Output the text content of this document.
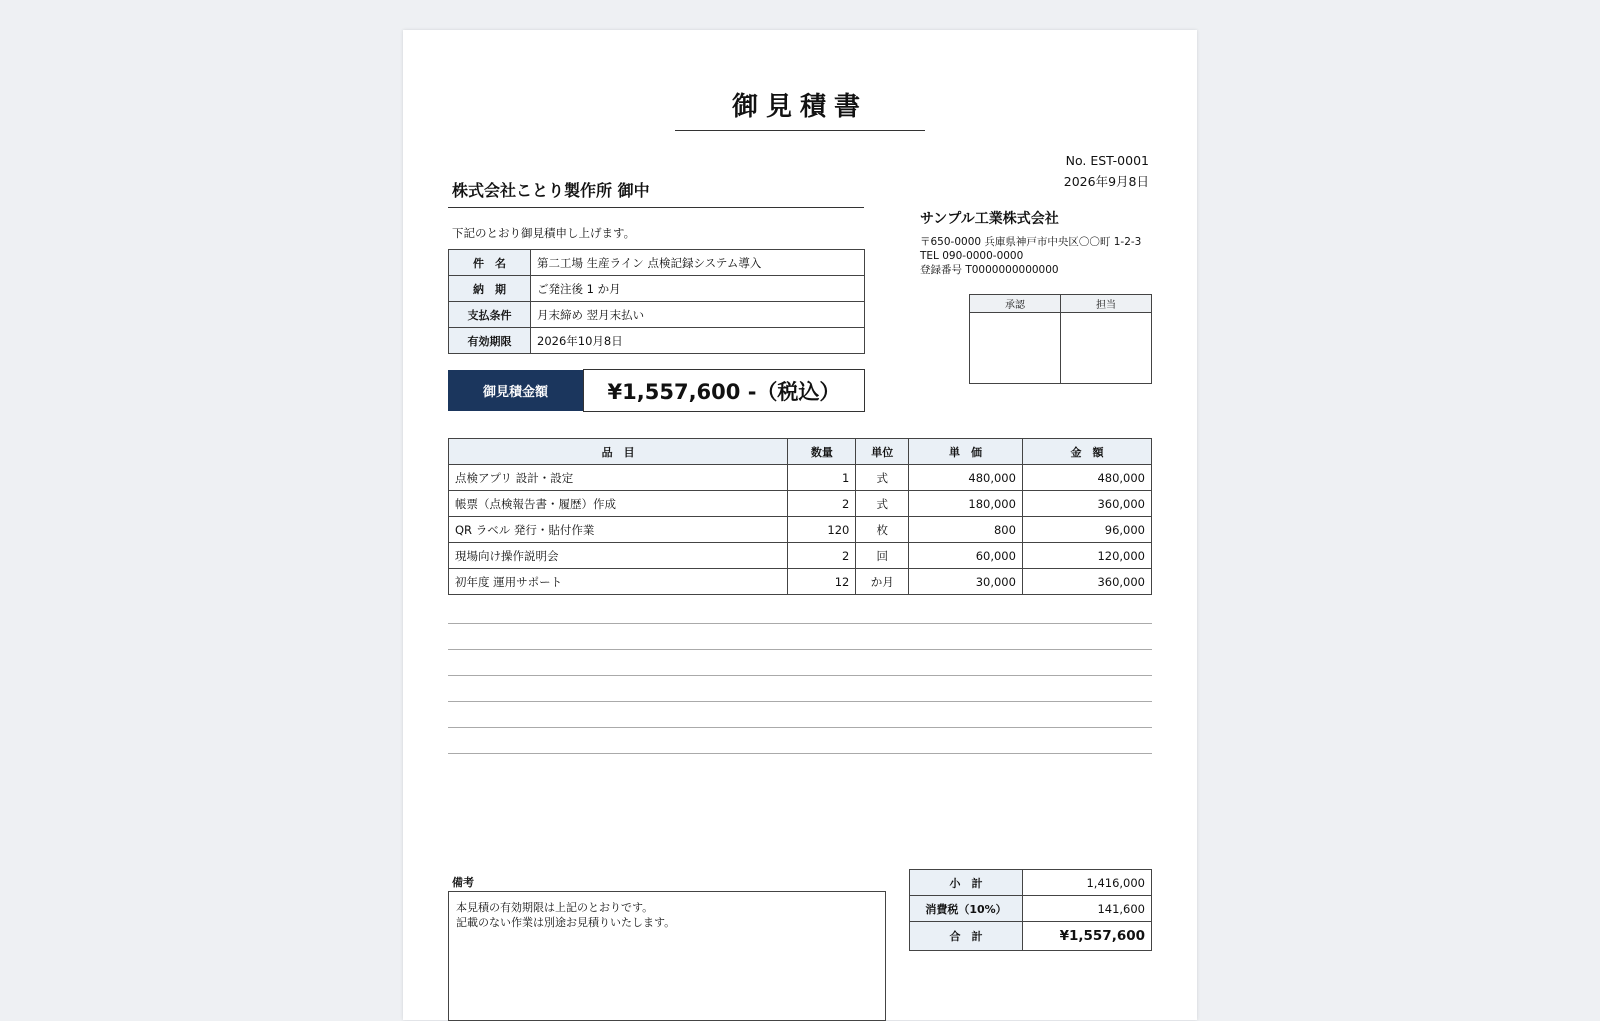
御見積書
No. EST-0001
2026年9月8日
株式会社ことり製作所 御中
下記のとおり御見積申し上げます。
件　名	第二工場 生産ライン 点検記録システム導入
納　期	ご発注後 1 か月
支払条件	月末締め 翌月末払い
有効期限	2026年10月8日
サンプル工業株式会社
〒650-0000 兵庫県神戸市中央区〇〇町 1-2-3
TEL 090-0000-0000
登録番号 T0000000000000
承認	担当

御見積金額	¥1,557,600 -（税込）
品　目	数量	単位	単　価	金　額
点検アプリ 設計・設定	1	式	480,000	480,000
帳票（点検報告書・履歴）作成	2	式	180,000	360,000
QR ラベル 発行・貼付作業	120	枚	800	96,000
現場向け操作説明会	2	回	60,000	120,000
初年度 運用サポート	12	か月	30,000	360,000
備考
本見積の有効期限は上記のとおりです。
記載のない作業は別途お見積りいたします。
小　計	1,416,000
消費税（10%）	141,600
合　計	¥1,557,600
